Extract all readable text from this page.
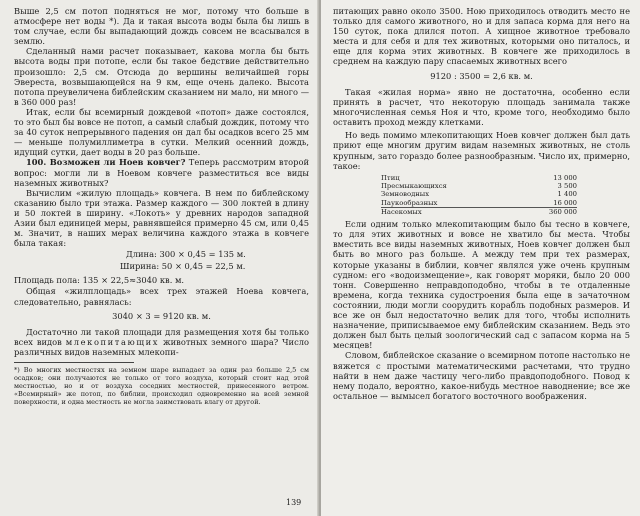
Выше 2,5 см потоп подняться не мог, потому что больше в атмосфере нет воды *). Да и такая высота воды была бы лишь в том случае, если бы выпадающий дождь совсем не всасывался в землю.

Сделанный нами расчет показывает, какова могла бы быть высота воды при потопе, если бы такое бедствие действительно произошло: 2,5 см. Отсюда до вершины величайшей горы Эвереста, возвышающейся на 9 км, еще очень далеко. Высота потопа преувеличена библейским сказанием ни мало, ни много — в 360 000 раз!

Итак, если бы всемирный дождевой «потоп» даже состоялся, то это был бы вовсе не потоп, а самый слабый дождик, потому что за 40 суток непрерывного падения он дал бы осадков всего 25 мм — меньше полумиллиметра в сутки. Мелкий осенний дождь, идущий сутки, дает воды в 20 раз больше.

100. Возможен ли Ноев ковчег? Теперь рассмотрим второй вопрос: могли ли в Ноевом ковчеге разместиться все виды наземных животных?

Вычислим «жилую площадь» ковчега. В нем по библейскому сказанию было три этажа. Размер каждого — 300 локтей в длину и 50 локтей в ширину. «Локоть» у древних народов западной Азии был единицей меры, равнявшейся примерно 45 см, или 0,45 м. Значит, в наших мерах величина каждого этажа в ковчеге была такая:

Длина: 300 × 0,45 = 135 м.
Ширина: 50 × 0,45 = 22,5 м.
Площадь пола: 135 × 22,5≈3040 кв. м.

Общая «жилплощадь» всех трех этажей Ноева ковчега, следовательно, равнялась:

3040 × 3 = 9120 кв. м.

Достаточно ли такой площади для размещения хотя бы только всех видов млекопитающих животных земного шара? Число различных видов наземных млекопи-

*) Во многих местностях на земном шаре выпадает за один раз больше 2,5 см осадков; они получаются не только от того воздуха, который стоит над этой местностью, но и от воздуха соседних местностей, принесенного ветром. «Всемирный» же потоп, по библии, происходил одновременно на всей земной поверхности, и одна местность не могла заимствовать влагу от другой.

139

питающих равно около 3500. Ною приходилось отводить место не только для самого животного, но и для запаса корма для него на 150 суток, пока длился потоп. А хищное животное требовало места и для себя и для тех животных, которыми оно питалось, и еще для корма этих животных. В ковчеге же приходилось в среднем на каждую пару спасаемых животных всего

9120 : 3500 = 2,6 кв. м.

Такая «жилая норма» явно не достаточна, особенно если принять в расчет, что некоторую площадь занимала также многочисленная семья Ноя и что, кроме того, необходимо было оставить проход между клетками.

Но ведь помимо млекопитающих Ноев ковчег должен был дать приют еще многим другим видам наземных животных, не столь крупным, зато гораздо более разнообразным. Число их, примерно, такое:

Птиц	13 000
Пресмыкающихся	3 500
Земноводных	1 400
Паукообразных	16 000
Насекомых	360 000

Если одним только млекопитающим было бы тесно в ковчеге, то для этих животных и вовсе не хватило бы места. Чтобы вместить все виды наземных животных, Ноев ковчег должен был быть во много раз больше. А между тем при тех размерах, которые указаны в библии, ковчег являлся уже очень крупным судном: его «водоизмещение», как говорят моряки, было 20 000 тонн. Совершенно неправдоподобно, чтобы в те отдаленные времена, когда техника судостроения была еще в зачаточном состоянии, люди могли соорудить корабль подобных размеров. И все же он был недостаточно велик для того, чтобы исполнить назначение, приписываемое ему библейским сказанием. Ведь это должен был быть целый зоологический сад с запасом корма на 5 месяцев!

Словом, библейское сказание о всемирном потопе настолько не вяжется с простыми математическими расчетами, что трудно найти в нем даже частицу чего-либо правдоподобного. Повод к нему подало, вероятно, какое-нибудь местное наводнение; все же остальное — вымысел богатого восточного воображения.
